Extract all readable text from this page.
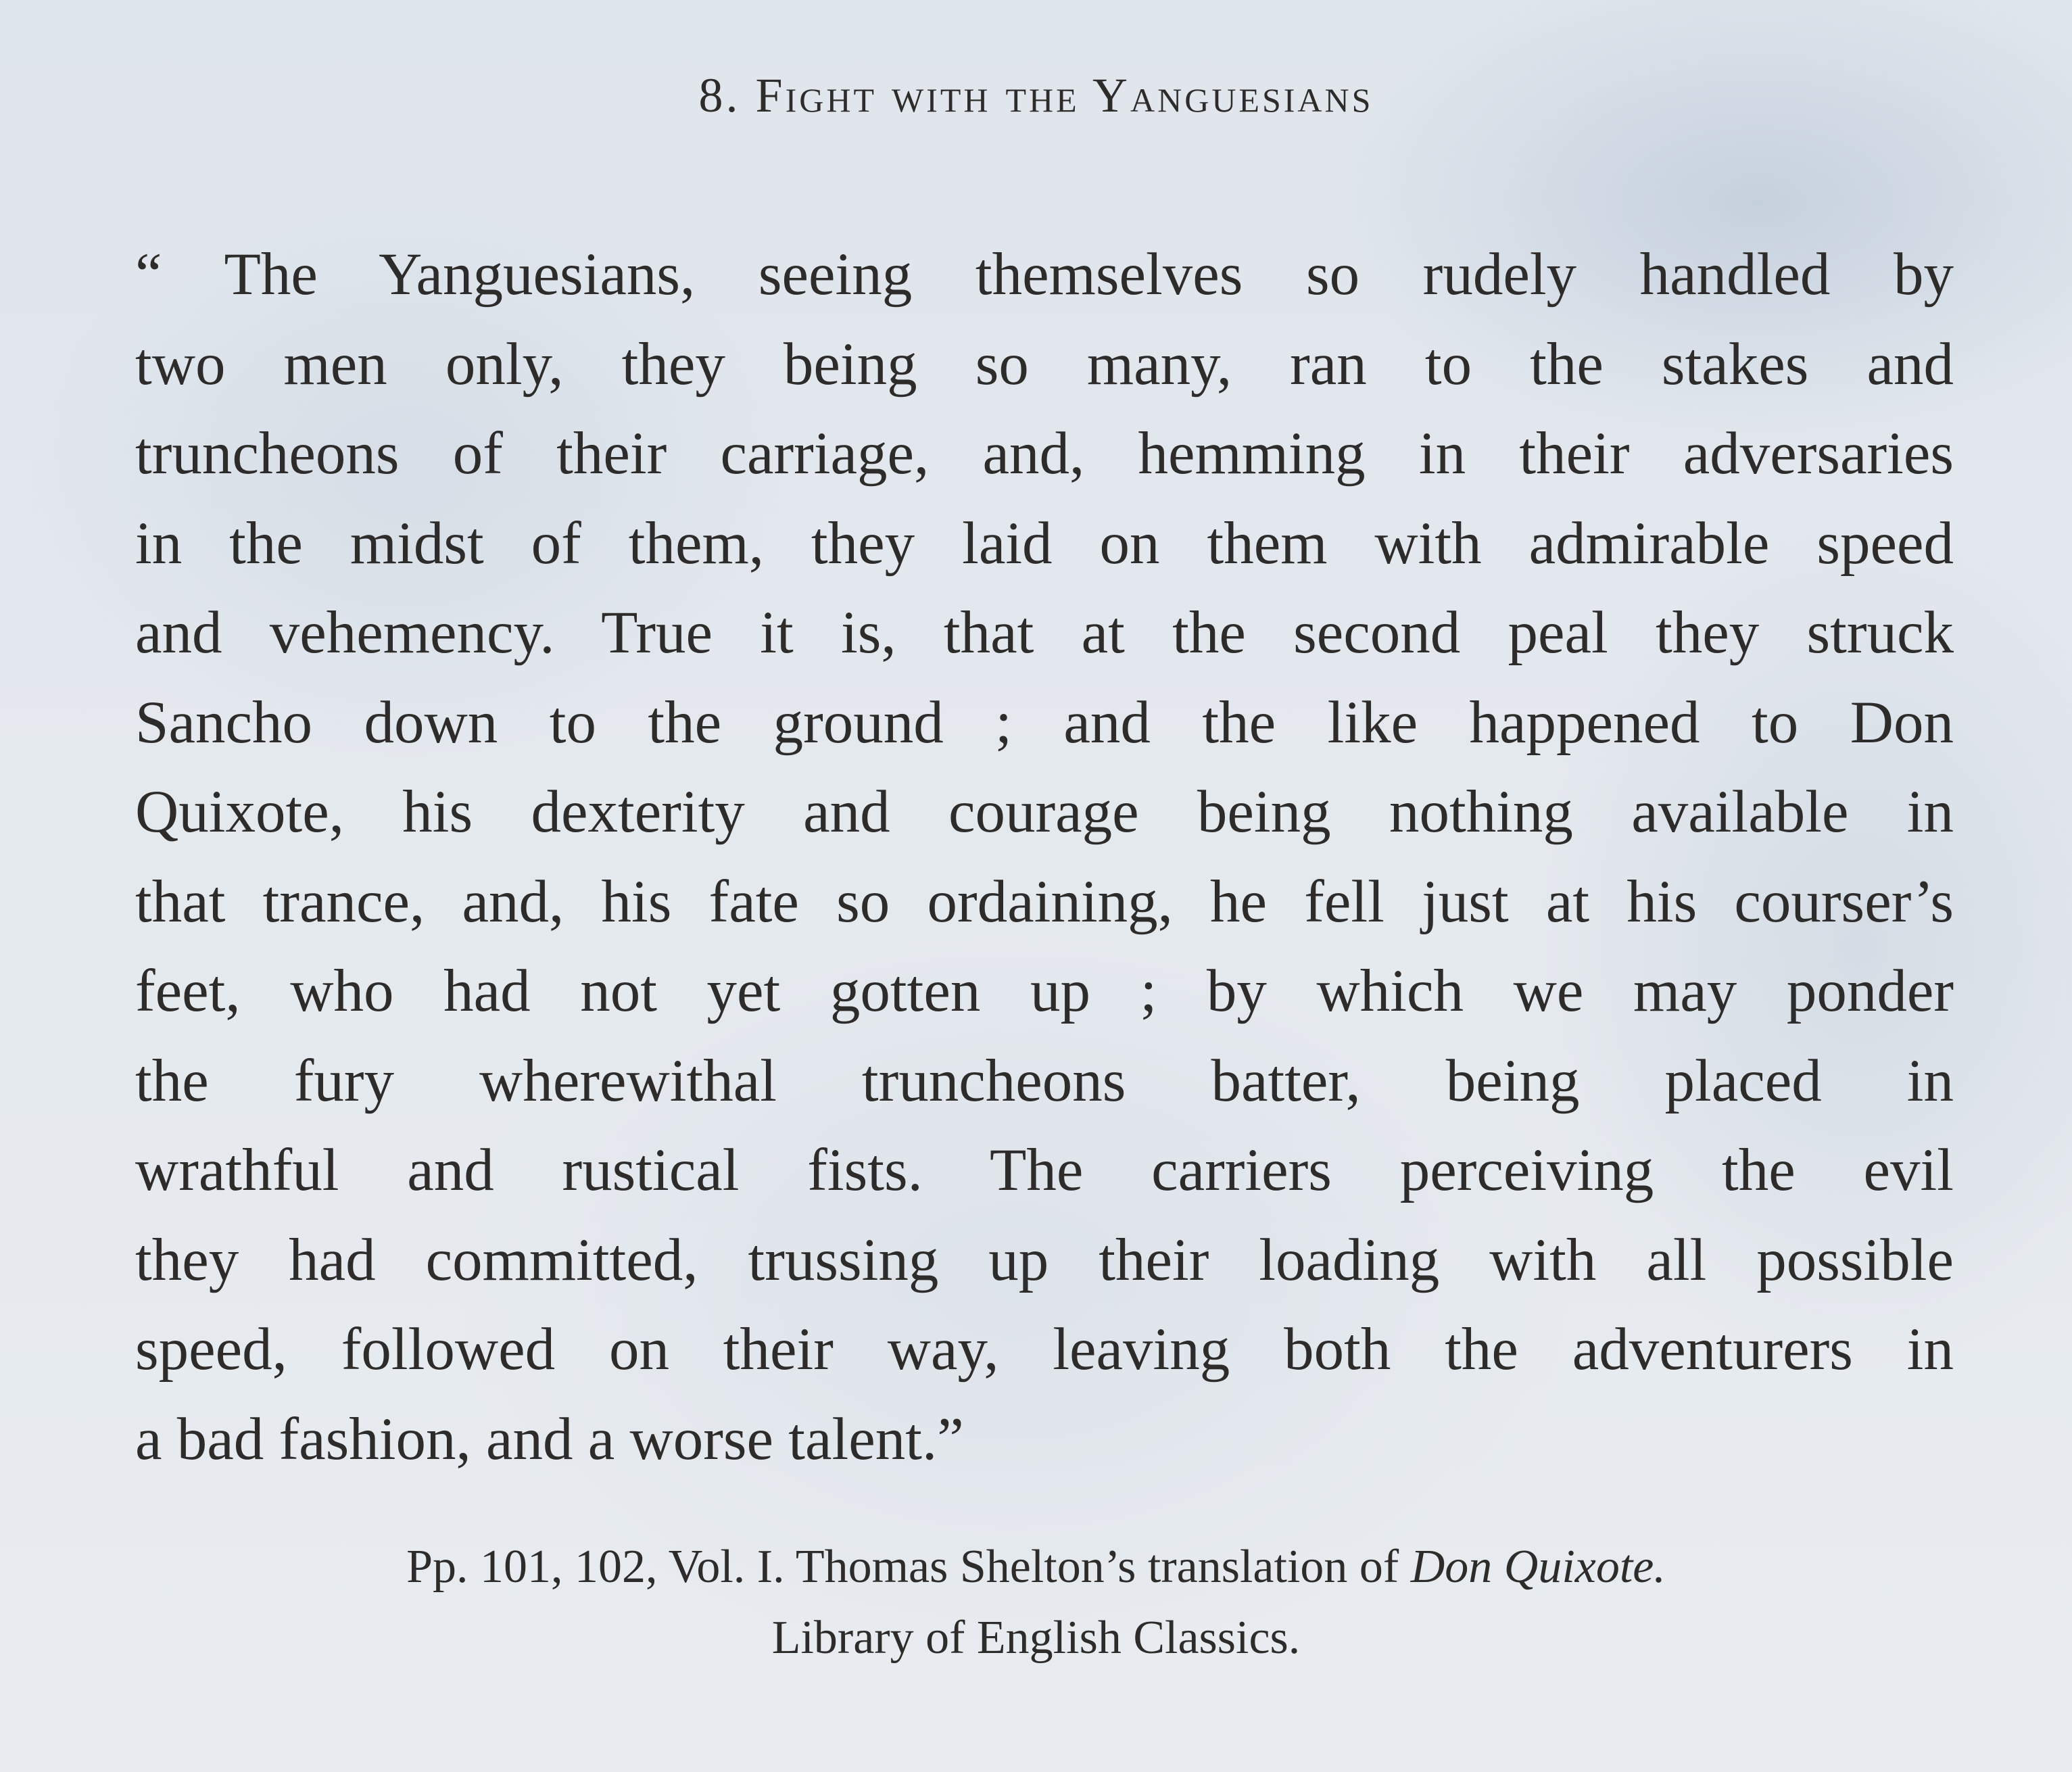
8. Fight with the Yanguesians
“ The Yanguesians, seeing themselves so rudely handled by
two men only, they being so many, ran to the stakes and
truncheons of their carriage, and, hemming in their adversaries
in the midst of them, they laid on them with admirable speed
and vehemency. True it is, that at the second peal they struck
Sancho down to the ground ; and the like happened to Don
Quixote, his dexterity and courage being nothing available in
that trance, and, his fate so ordaining, he fell just at his courser’s
feet, who had not yet gotten up ; by which we may ponder
the fury wherewithal truncheons batter, being placed in
wrathful and rustical fists. The carriers perceiving the evil
they had committed, trussing up their loading with all possible
speed, followed on their way, leaving both the adventurers in
a bad fashion, and a worse talent.”
Pp. 101, 102, Vol. I. Thomas Shelton’s translation of Don Quixote.
Library of English Classics.
